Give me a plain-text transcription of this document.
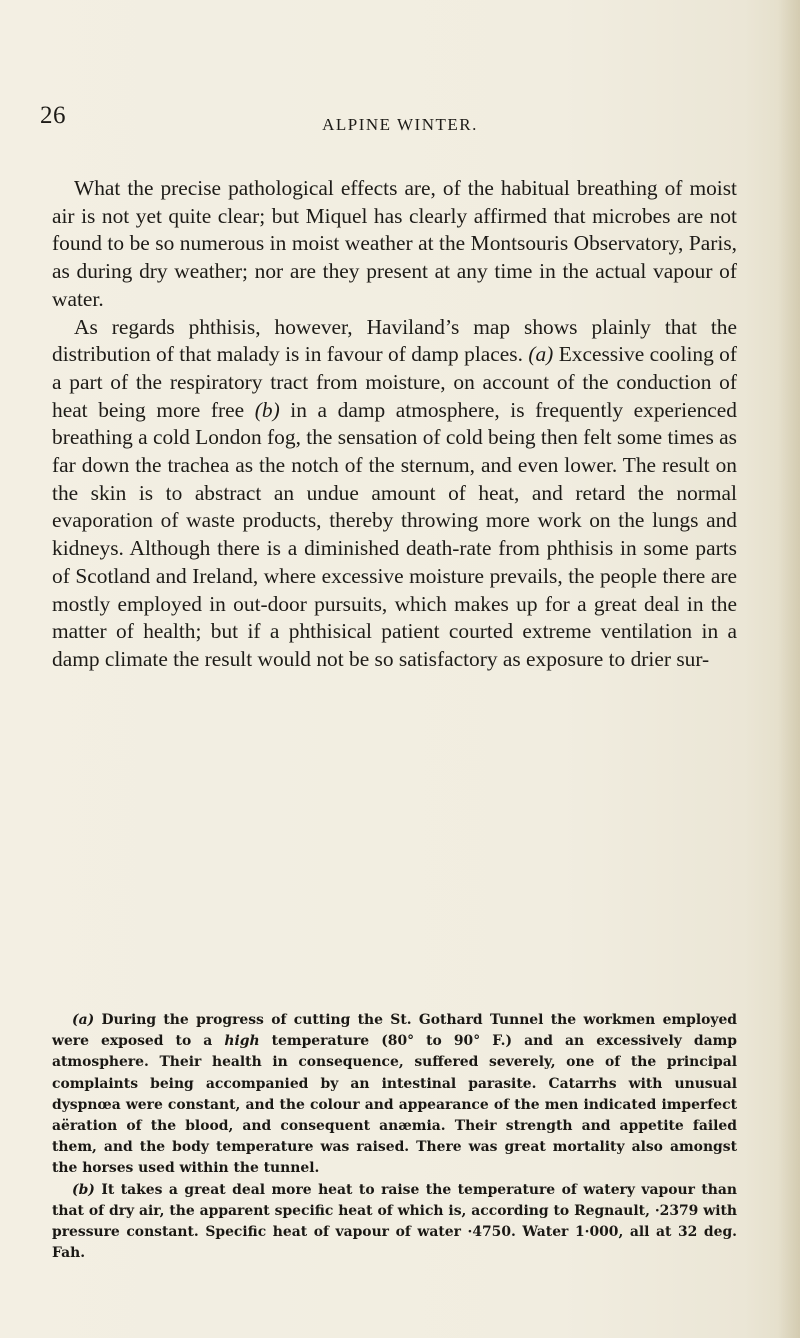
26	ALPINE WINTER.

What the precise pathological effects are, of the habitual breathing of moist air is not yet quite clear; but Miquel has clearly affirmed that microbes are not found to be so numerous in moist weather at the Montsouris Observatory, Paris, as during dry weather; nor are they present at any time in the actual vapour of water.

As regards phthisis, however, Haviland’s map shows plainly that the distribution of that malady is in favour of damp places. (a) Excessive cooling of a part of the respiratory tract from moisture, on account of the conduction of heat being more free (b) in a damp atmosphere, is frequently experienced breathing a cold London fog, the sensation of cold being then felt some times as far down the trachea as the notch of the sternum, and even lower. The result on the skin is to abstract an undue amount of heat, and retard the normal evaporation of waste products, thereby throwing more work on the lungs and kidneys. Although there is a diminished death-rate from phthisis in some parts of Scotland and Ireland, where excessive moisture prevails, the people there are mostly employed in out-door pursuits, which makes up for a great deal in the matter of health; but if a phthisical patient courted extreme ventilation in a damp climate the result would not be so satisfactory as exposure to drier sur-

(a) During the progress of cutting the St. Gothard Tunnel the workmen employed were exposed to a high temperature (80° to 90° F.) and an excessively damp atmosphere. Their health in consequence, suffered severely, one of the principal complaints being accompanied by an intestinal parasite. Catarrhs with unusual dyspnœa were constant, and the colour and appearance of the men indicated imperfect aëration of the blood, and consequent anæmia. Their strength and appetite failed them, and the body temperature was raised. There was great mortality also amongst the horses used within the tunnel.

(b) It takes a great deal more heat to raise the temperature of watery vapour than that of dry air, the apparent specific heat of which is, according to Regnault, ·2379 with pressure constant. Specific heat of vapour of water ·4750. Water 1·000, all at 32 deg. Fah.
